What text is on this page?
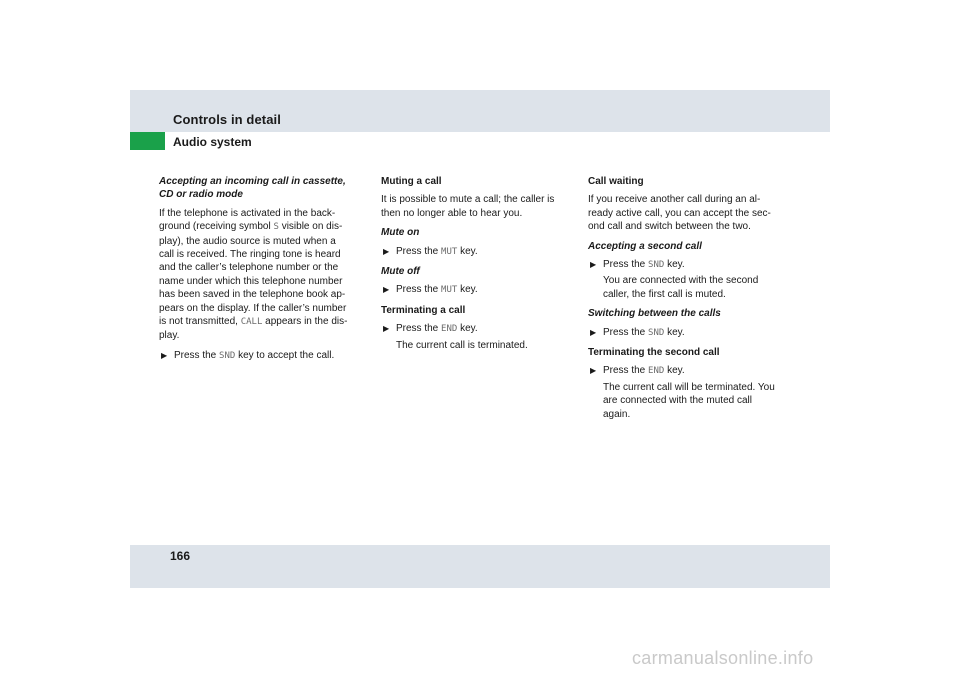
Controls in detail
Audio system
Accepting an incoming call in cassette,
CD or radio mode
If the telephone is activated in the back-
ground (receiving symbol S visible on dis-
play), the audio source is muted when a
call is received. The ringing tone is heard
and the caller’s telephone number or the
name under which this telephone number
has been saved in the telephone book ap-
pears on the display. If the caller’s number
is not transmitted, CALL appears in the dis-
play.
▶ Press the SND key to accept the call.
Muting a call
It is possible to mute a call; the caller is
then no longer able to hear you.
Mute on
▶ Press the MUT key.
Mute off
▶ Press the MUT key.
Terminating a call
▶ Press the END key.
The current call is terminated.
Call waiting
If you receive another call during an al-
ready active call, you can accept the sec-
ond call and switch between the two.
Accepting a second call
▶ Press the SND key.
You are connected with the second
caller, the first call is muted.
Switching between the calls
▶ Press the SND key.
Terminating the second call
▶ Press the END key.
The current call will be terminated. You
are connected with the muted call
again.
166
carmanualsonline.info
